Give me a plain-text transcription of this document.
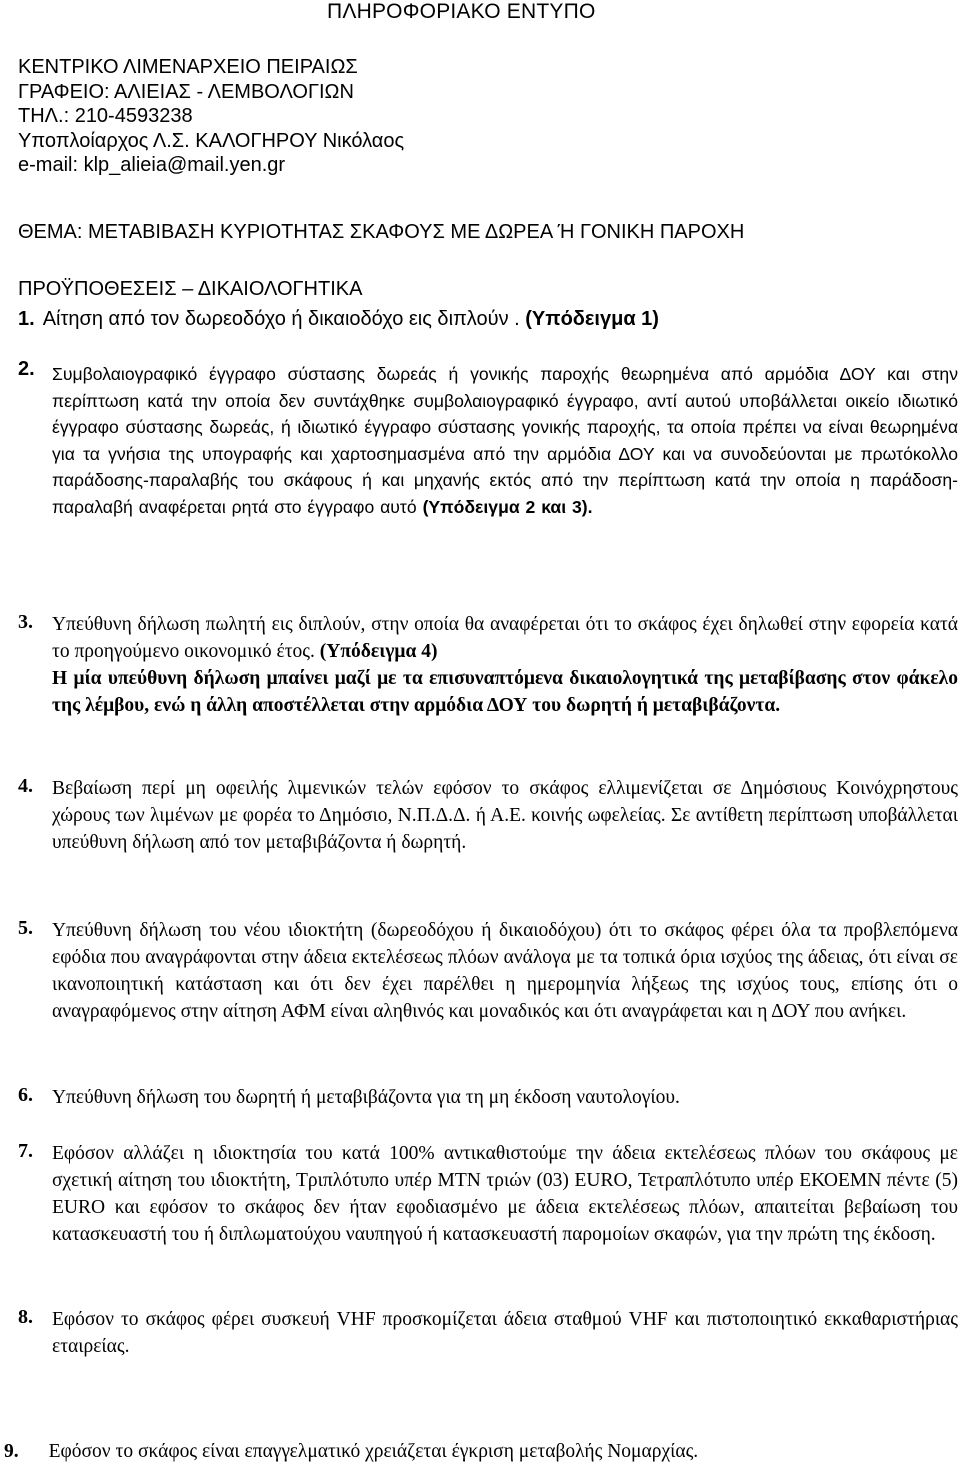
ΠΛΗΡΟΦΟΡΙΑΚΟ ΕΝΤΥΠΟ
ΚΕΝΤΡΙΚΟ ΛΙΜΕΝΑΡΧΕΙΟ ΠΕΙΡΑΙΩΣ
ΓΡΑΦΕΙΟ: ΑΛΙΕΙΑΣ - ΛΕΜΒΟΛΟΓΙΩΝ
ΤΗΛ.: 210-4593238
Υποπλοίαρχος Λ.Σ. ΚΑΛΟΓΗΡΟΥ Νικόλαος
e-mail: klp_alieia@mail.yen.gr
ΘΕΜΑ: ΜΕΤΑΒΙΒΑΣΗ ΚΥΡΙΟΤΗΤΑΣ ΣΚΑΦΟΥΣ ΜΕ ΔΩΡΕΑ Ή ΓΟΝΙΚΗ ΠΑΡΟΧΗ
ΠΡΟΫΠΟΘΕΣΕΙΣ – ΔΙΚΑΙΟΛΟΓΗΤΙΚΑ
1. Αίτηση από τον δωρεοδόχο ή δικαιοδόχο εις διπλούν . (Υπόδειγμα 1)
2. Συμβολαιογραφικό έγγραφο σύστασης δωρεάς ή γονικής παροχής θεωρημένα από αρμόδια ΔΟΥ και στην περίπτωση κατά την οποία δεν συντάχθηκε συμβολαιογραφικό έγγραφο, αντί αυτού υποβάλλεται οικείο ιδιωτικό έγγραφο σύστασης δωρεάς, ή ιδιωτικό έγγραφο σύστασης γονικής παροχής, τα οποία πρέπει να είναι θεωρημένα για τα γνήσια της υπογραφής και χαρτοσημασμένα από την αρμόδια ΔΟΥ και να συνοδεύονται με πρωτόκολλο παράδοσης-παραλαβής του σκάφους ή και μηχανής εκτός από την περίπτωση κατά την οποία η παράδοση-παραλαβή αναφέρεται ρητά στο έγγραφο αυτό (Υπόδειγμα 2 και 3).
3. Υπεύθυνη δήλωση πωλητή εις διπλούν, στην οποία θα αναφέρεται ότι το σκάφος έχει δηλωθεί στην εφορεία κατά το προηγούμενο οικονομικό έτος. (Υπόδειγμα 4)
Η μία υπεύθυνη δήλωση μπαίνει μαζί με τα επισυναπτόμενα δικαιολογητικά της μεταβίβασης στον φάκελο της λέμβου, ενώ η άλλη αποστέλλεται στην αρμόδια ΔΟΥ του δωρητή ή μεταβιβάζοντα.
4. Βεβαίωση περί μη οφειλής λιμενικών τελών εφόσον το σκάφος ελλιμενίζεται σε Δημόσιους Κοινόχρηστους χώρους των λιμένων με φορέα το Δημόσιο, Ν.Π.Δ.Δ. ή Α.Ε. κοινής ωφελείας. Σε αντίθετη περίπτωση υποβάλλεται υπεύθυνη δήλωση από τον μεταβιβάζοντα ή δωρητή.
5. Υπεύθυνη δήλωση του νέου ιδιοκτήτη (δωρεοδόχου ή δικαιοδόχου) ότι το σκάφος φέρει όλα τα προβλεπόμενα εφόδια που αναγράφονται στην άδεια εκτελέσεως πλόων ανάλογα με τα τοπικά όρια ισχύος της άδειας, ότι είναι σε ικανοποιητική κατάσταση και ότι δεν έχει παρέλθει η ημερομηνία λήξεως της ισχύος τους, επίσης ότι ο αναγραφόμενος στην αίτηση ΑΦΜ είναι αληθινός και μοναδικός και ότι αναγράφεται και η ΔΟΥ που ανήκει.
6. Υπεύθυνη δήλωση του δωρητή ή μεταβιβάζοντα για τη μη έκδοση ναυτολογίου.
7. Εφόσον αλλάζει η ιδιοκτησία του κατά 100% αντικαθιστούμε την άδεια εκτελέσεως πλόων του σκάφους με σχετική αίτηση του ιδιοκτήτη, Τριπλότυπο υπέρ ΜΤΝ τριών (03) EURO, Τετραπλότυπο υπέρ ΕΚΟΕΜΝ πέντε (5) EURO και εφόσον το σκάφος δεν ήταν εφοδιασμένο με άδεια εκτελέσεως πλόων, απαιτείται βεβαίωση του κατασκευαστή του ή διπλωματούχου ναυπηγού ή κατασκευαστή παρομοίων σκαφών, για την πρώτη της έκδοση.
8. Εφόσον το σκάφος φέρει συσκευή VHF προσκομίζεται άδεια σταθμού VHF και πιστοποιητικό εκκαθαριστήριας εταιρείας.
9. Εφόσον το σκάφος είναι επαγγελματικό χρειάζεται έγκριση μεταβολής Νομαρχίας.
